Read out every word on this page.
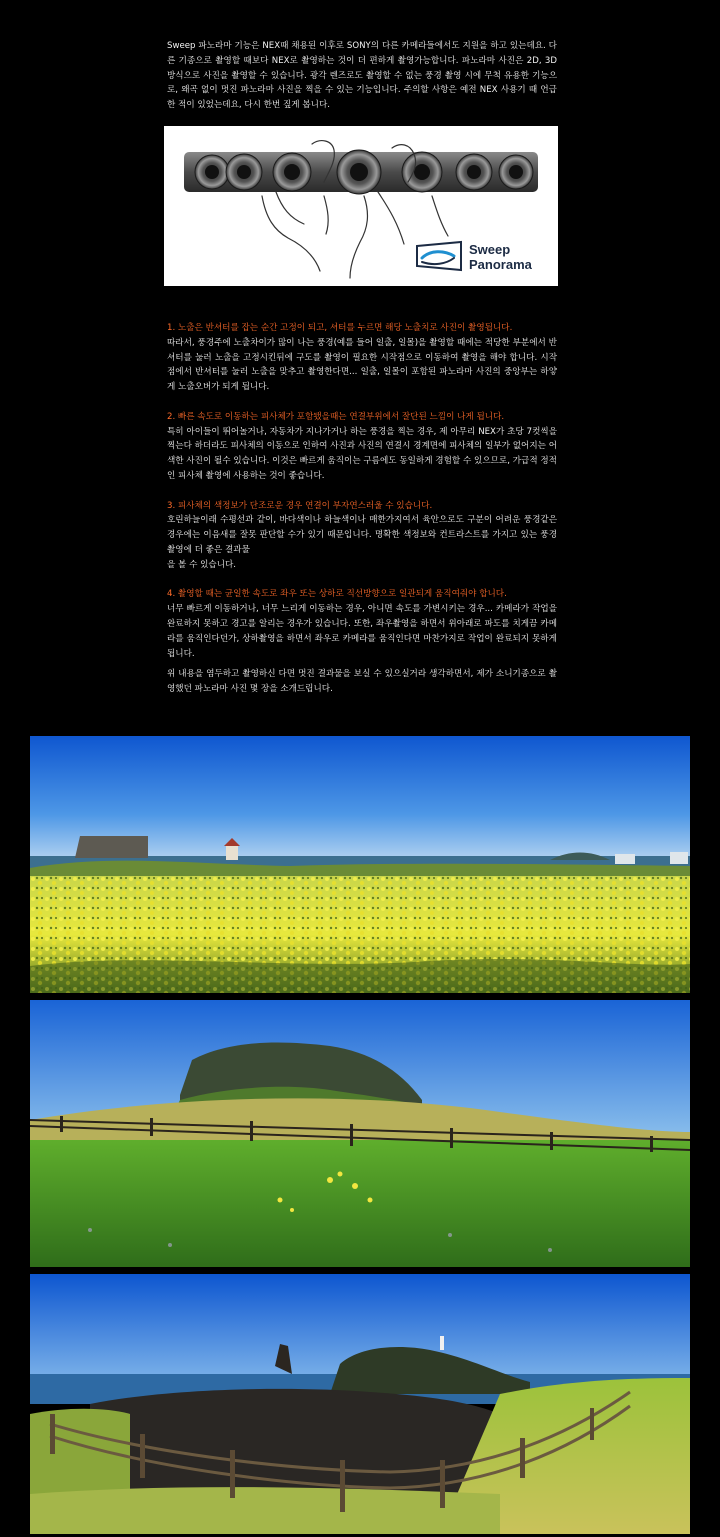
Sweep 파노라마 기능은 NEX때 채용된 이후로 SONY의 다른 카메라들에서도 지원을 하고 있는데요. 다른 기종으로 촬영할 때보다 NEX로 촬영하는 것이 더 편하게 촬영가능합니다. 파노라마 사진은 2D, 3D 방식으로 사진을 촬영할 수 있습니다. 광각 렌즈로도 촬영할 수 없는 풍경 촬영 시에 무척 유용한 기능으로, 왜곡 없이 멋진 파노라마 사진을 찍을 수 있는 기능입니다. 주의할 사항은 예전 NEX 사용기 때 언급한 적이 있었는데요, 다시 한번 짚게 봅니다.

Sweep
Panorama

1. 노출은 반셔터를 잡는 순간 고정이 되고, 셔터를 누르면 해당 노출치로 사진이 촬영됩니다.

따라서, 풍경주에 노출차이가 많이 나는 풍경(예를 들어 일출, 일몰)을 촬영할 때에는 적당한 부분에서 반셔터를 눌러 노출을 고정시킨뒤에 구도를 촬영이 필요한 시작점으로 이동하여 촬영을 해야 합니다. 시작점에서 반셔터를 눌러 노출을 맞추고 촬영한다면... 일출, 일몰이 포함된 파노라마 사진의 중앙부는 하얗게 노출오버가 되게 됩니다.

2. 빠른 속도로 이동하는 피사체가 포함됐을때는 연결부위에서 잘단된 느낌이 나게 됩니다.

특히 아이들이 뛰어놀거나, 자동차가 지나가거나 하는 풍경을 찍는 경우, 제 아무리 NEX가 초당 7컷씩을 찍는다 하더라도 피사체의 이동으로 인하여 사진과 사진의 연결시 경계면에 피사체의 일부가 없어지는 어색한 사진이 될수 있습니다. 이것은 빠르게 움직이는 구름에도 동일하게 경험할 수 있으므로, 가급적 정적인 피사체 촬영에 사용하는 것이 좋습니다.

3. 피사체의 색정보가 단조로운 경우 연결이 부자연스러울 수 있습니다.

호린하늘이래 수평선과 같이, 바다색이나 하늘색이나 매한가지여서 육안으로도 구분이 어려운 풍경같은 경우에는 이음새를 잘못 판단할 수가 있기 때문입니다. 명확한 색정보와 컨트라스트를 가지고 있는 풍경촬영에 더 좋은 결과물
을 볼 수 있습니다.

4. 촬영할 때는 균일한 속도로 좌우 또는 상하로 직선방향으로 일관되게 움직여줘야 합니다.

너무 빠르게 이동하거나, 너무 느리게 이동하는 경우, 아니면 속도를 가변시키는 경우... 카메라가 작업을 완료하지 못하고 경고를 알리는 경우가 있습니다. 또한, 좌우촬영을 하면서 위아래로 파도를 치게끔 카메라를 움직인다던가, 상하촬영을 하면서 좌우로 카메라를 움직인다면 마찬가지로 작업이 완료되지 못하게 됩니다.

위 내용을 염두하고 촬영하신 다면 멋진 결과물을 보실 수 있으실거라 생각하면서, 제가 소니기종으로 촬영했던 파노라마 사진 몇 장을 소개드립니다.
